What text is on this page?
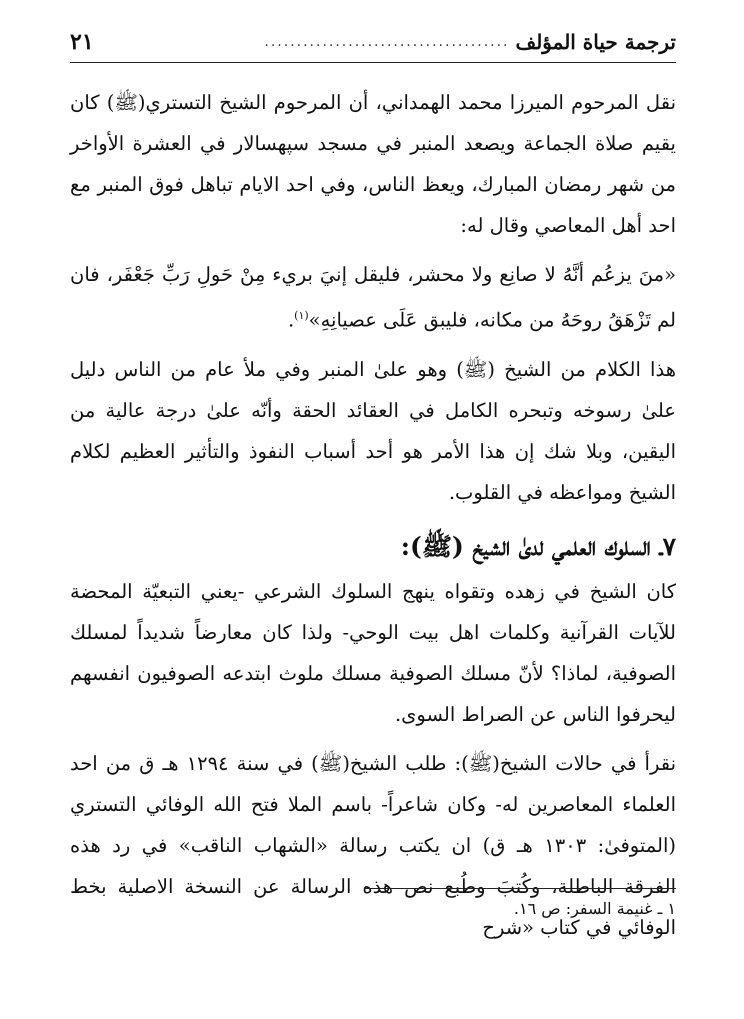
ترجمة حياة المؤلف
......................................
٢١

نقل المرحوم الميرزا محمد الهمداني، أن المرحوم الشيخ التستري(ﷺ) كان يقيم صلاة الجماعة ويصعد المنبر في مسجد سپهسالار في العشرة الأواخر من شهر رمضان المبارك، ويعظ الناس، وفي احد الايام تباهل فوق المنبر مع احد أهل المعاصي وقال له:

«منَ يزعُم أنَّهُ لا صانِع ولا محشر، فليقل إنيَ بريء مِنْ حَولِ رَبِّ جَعْفَر، فان لم تَزْهَقُ روحَهُ من مكانه، فليبق عَلَى عصيانِهِ»$^{(١)}$.

هذا الكلام من الشيخ (ﷺ) وهو علىٰ المنبر وفي ملأ عام من الناس دليل علىٰ رسوخه وتبحره الكامل في العقائد الحقة وأنّه علىٰ درجة عالية من اليقين، وبلا شك إن هذا الأمر هو أحد أسباب النفوذ والتأثير العظيم لكلام الشيخ ومواعظه في القلوب.

٧ـ السلوك العلمي لدىٰ الشيخ (ﷺ):

كان الشيخ في زهده وتقواه ينهج السلوك الشرعي -يعني التبعيّة المحضة للآيات القرآنية وكلمات اهل بيت الوحي- ولذا كان معارضاً شديداً لمسلك الصوفية، لماذا؟ لأنّ مسلك الصوفية مسلك ملوث ابتدعه الصوفيون انفسهم ليحرفوا الناس عن الصراط السوى.

نقرأ في حالات الشيخ(ﷺ): طلب الشيخ(ﷺ) في سنة ١٢٩٤ هـ ق من احد العلماء المعاصرين له- وكان شاعراً- باسم الملا فتح الله الوفائي التستري (المتوفىٰ: ١٣٠٣ هـ ق) ان يكتب رسالة «الشهاب الناقب» في رد هذه الفرقة الباطلة، وكُتبَ وطُبع نص هذه الرسالة عن النسخة الاصلية بخط الوفائي في كتاب «شرح

١ ـ غنيمة السفر: ص ١٦.
